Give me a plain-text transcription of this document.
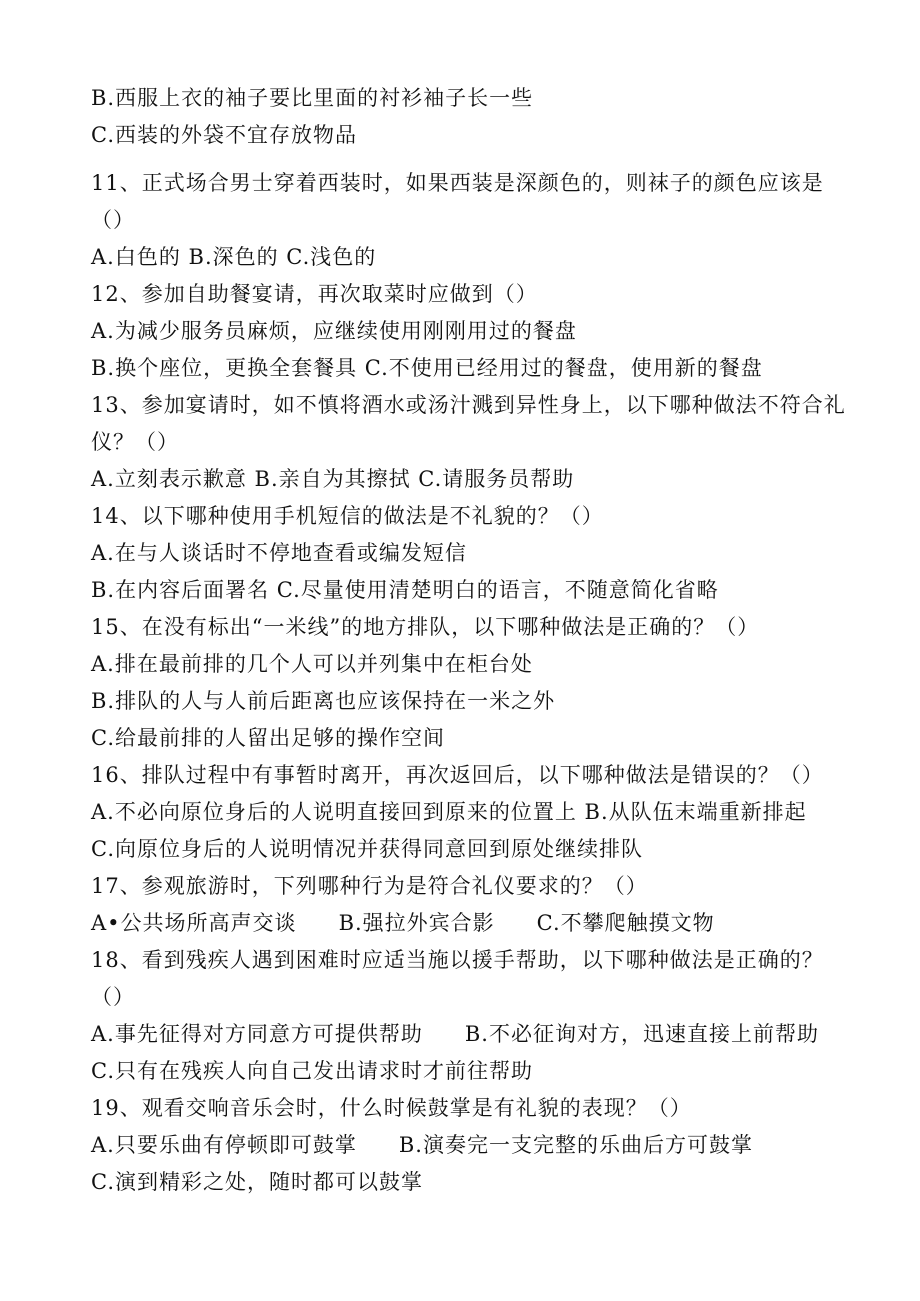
B.西服上衣的袖子要比里面的衬衫袖子长一些
C.西装的外袋不宜存放物品
11、正式场合男士穿着西装时，如果西装是深颜色的，则袜子的颜色应该是
（）
A.白色的 B.深色的 C.浅色的
12、参加自助餐宴请，再次取菜时应做到（）
A.为减少服务员麻烦，应继续使用刚刚用过的餐盘
B.换个座位，更换全套餐具 C.不使用已经用过的餐盘，使用新的餐盘
13、参加宴请时，如不慎将酒水或汤汁溅到异性身上，以下哪种做法不符合礼
仪？（）
A.立刻表示歉意 B.亲自为其擦拭 C.请服务员帮助
14、以下哪种使用手机短信的做法是不礼貌的？（）
A.在与人谈话时不停地查看或编发短信
B.在内容后面署名 C.尽量使用清楚明白的语言，不随意简化省略
15、在没有标出“一米线”的地方排队，以下哪种做法是正确的？（）
A.排在最前排的几个人可以并列集中在柜台处
B.排队的人与人前后距离也应该保持在一米之外
C.给最前排的人留出足够的操作空间
16、排队过程中有事暂时离开，再次返回后，以下哪种做法是错误的？（）
A.不必向原位身后的人说明直接回到原来的位置上 B.从队伍末端重新排起
C.向原位身后的人说明情况并获得同意回到原处继续排队
17、参观旅游时，下列哪种行为是符合礼仪要求的？（）
A•公共场所高声交谈 B.强拉外宾合影 C.不攀爬触摸文物
18、看到残疾人遇到困难时应适当施以援手帮助，以下哪种做法是正确的？
（）
A.事先征得对方同意方可提供帮助 B.不必征询对方，迅速直接上前帮助
C.只有在残疾人向自己发出请求时才前往帮助
19、观看交响音乐会时，什么时候鼓掌是有礼貌的表现？（）
A.只要乐曲有停顿即可鼓掌 B.演奏完一支完整的乐曲后方可鼓掌
C.演到精彩之处，随时都可以鼓掌
